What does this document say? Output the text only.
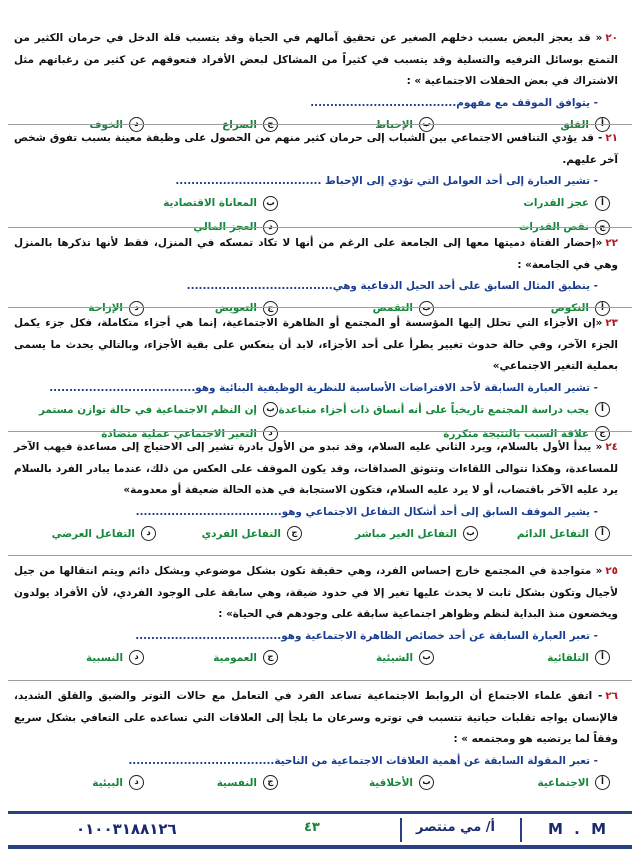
٢٠« قد يعجز البعض بسبب دخلهم الصغير عن تحقيق آمالهم في الحياة وقد يتسبب قلة الدخل في حرمان الكثير من التمتع بوسائل الترفيه والتسلية وقد يتسبب في كثيراً من المشاكل لبعض الأفراد فتعوقهم عن كثير من رغباتهم مثل الاشتراك في بعض الحفلات الاجتماعية » :
- يتوافق الموقف مع مفهوم.....................................
أ
القلق
ب
الإحباط
ج
الصراع
د
الخوف
٢١- قد يؤدي التنافس الاجتماعي بين الشباب إلى حرمان كثير منهم من الحصول على وظيفة معينة بسبب تفوق شخص آخر عليهم.
- تشير العبارة إلى أحد العوامل التي تؤدي إلى الإحباط .....................................
أ
عجز القدرات
ب
المعاناة الاقتصادية
ج
نقص القدرات
د
العجز المالي
٢٢«إحضار الفتاة دميتها معها إلى الجامعة على الرغم من أنها لا تكاد تمسكه في المنزل، فقط لأنها تذكرها بالمنزل وهي في الجامعة» :
- ينطبق المثال السابق على أحد الحيل الدفاعية وهي.....................................
أ
النكوص
ب
التقمص
ج
التعويض
د
الإزاحة
٢٣«إن الأجزاء التي تحلل إليها المؤسسة أو المجتمع أو الظاهرة الاجتماعية، إنما هي أجزاء متكاملة، فكل جزء يكمل الجزء الآخر، وفي حالة حدوث تغيير يطرأ على أحد الأجزاء، لابد أن ينعكس على بقية الأجزاء، وبالتالي يحدث ما يسمى بعملية التغير الاجتماعي»
- تشير العبارة السابقة لأحد الافتراضات الأساسية للنظرية الوظيفية البنائية وهو.....................................
أ
يجب دراسة المجتمع تاريخياً على أنه أنساق ذات أجزاء متباعدة
ب
إن النظم الاجتماعية في حالة توازن مستمر
ج
علاقة السبب بالنتيجة متكررة
د
التغير الاجتماعي عملية متضادة
٢٤« يبدأ الأول بالسلام، ويرد الثاني عليه السلام، وقد تبدو من الأول بادرة تشير إلى الاحتياج إلى مساعدة فيهب الآخر للمساعدة، وهكذا تتوالى اللقاءات وتتوثق الصداقات، وقد يكون الموقف على العكس من ذلك، عندما يبادر الفرد بالسلام يرد عليه الآخر باقتضاب، أو لا يرد عليه السلام، فتكون الاستجابة في هذه الحالة ضعيفة أو معدومة»
- يشير الموقف السابق إلى أحد أشكال التفاعل الاجتماعي وهو.....................................
أ
التفاعل الدائم
ب
التفاعل الغير مباشر
ج
التفاعل الفردي
د
التفاعل العرضي
٢٥« متواجدة في المجتمع خارج إحساس الفرد، وهي حقيقة تكون بشكل موضوعي وبشكل دائم ويتم انتقالها من جيل لأجيال وتكون بشكل ثابت لا يحدث عليها تغير إلا في حدود ضيقة، وهي سابقة على الوجود الفردي، لأن الأفراد يولدون ويخضعون منذ البداية لنظم وظواهر اجتماعية سابقة على وجودهم في الحياة» :
- تعبر العبارة السابقة عن أحد خصائص الظاهرة الاجتماعية وهو.....................................
أ
التلقائية
ب
الشيئية
ج
العمومية
د
النسبية
٢٦- اتفق علماء الاجتماع أن الروابط الاجتماعية تساعد الفرد في التعامل مع حالات التوتر والضيق والقلق الشديد، فالإنسان يواجه تقلبات حياتية تتسبب في توتره وسرعان ما يلجأ إلى العلاقات التي تساعده على التعافي بشكل سريع وفقاً لما يرتضيه هو ومجتمعه » :
- تعبر المقولة السابقة عن أهمية العلاقات الاجتماعية من الناحية.....................................
أ
الاجتماعية
ب
الأخلاقية
ج
النفسية
د
البيئية
٠١٠٠٣١٨٨١٢٦	٤٣	أ/ مي منتصر	M . M
